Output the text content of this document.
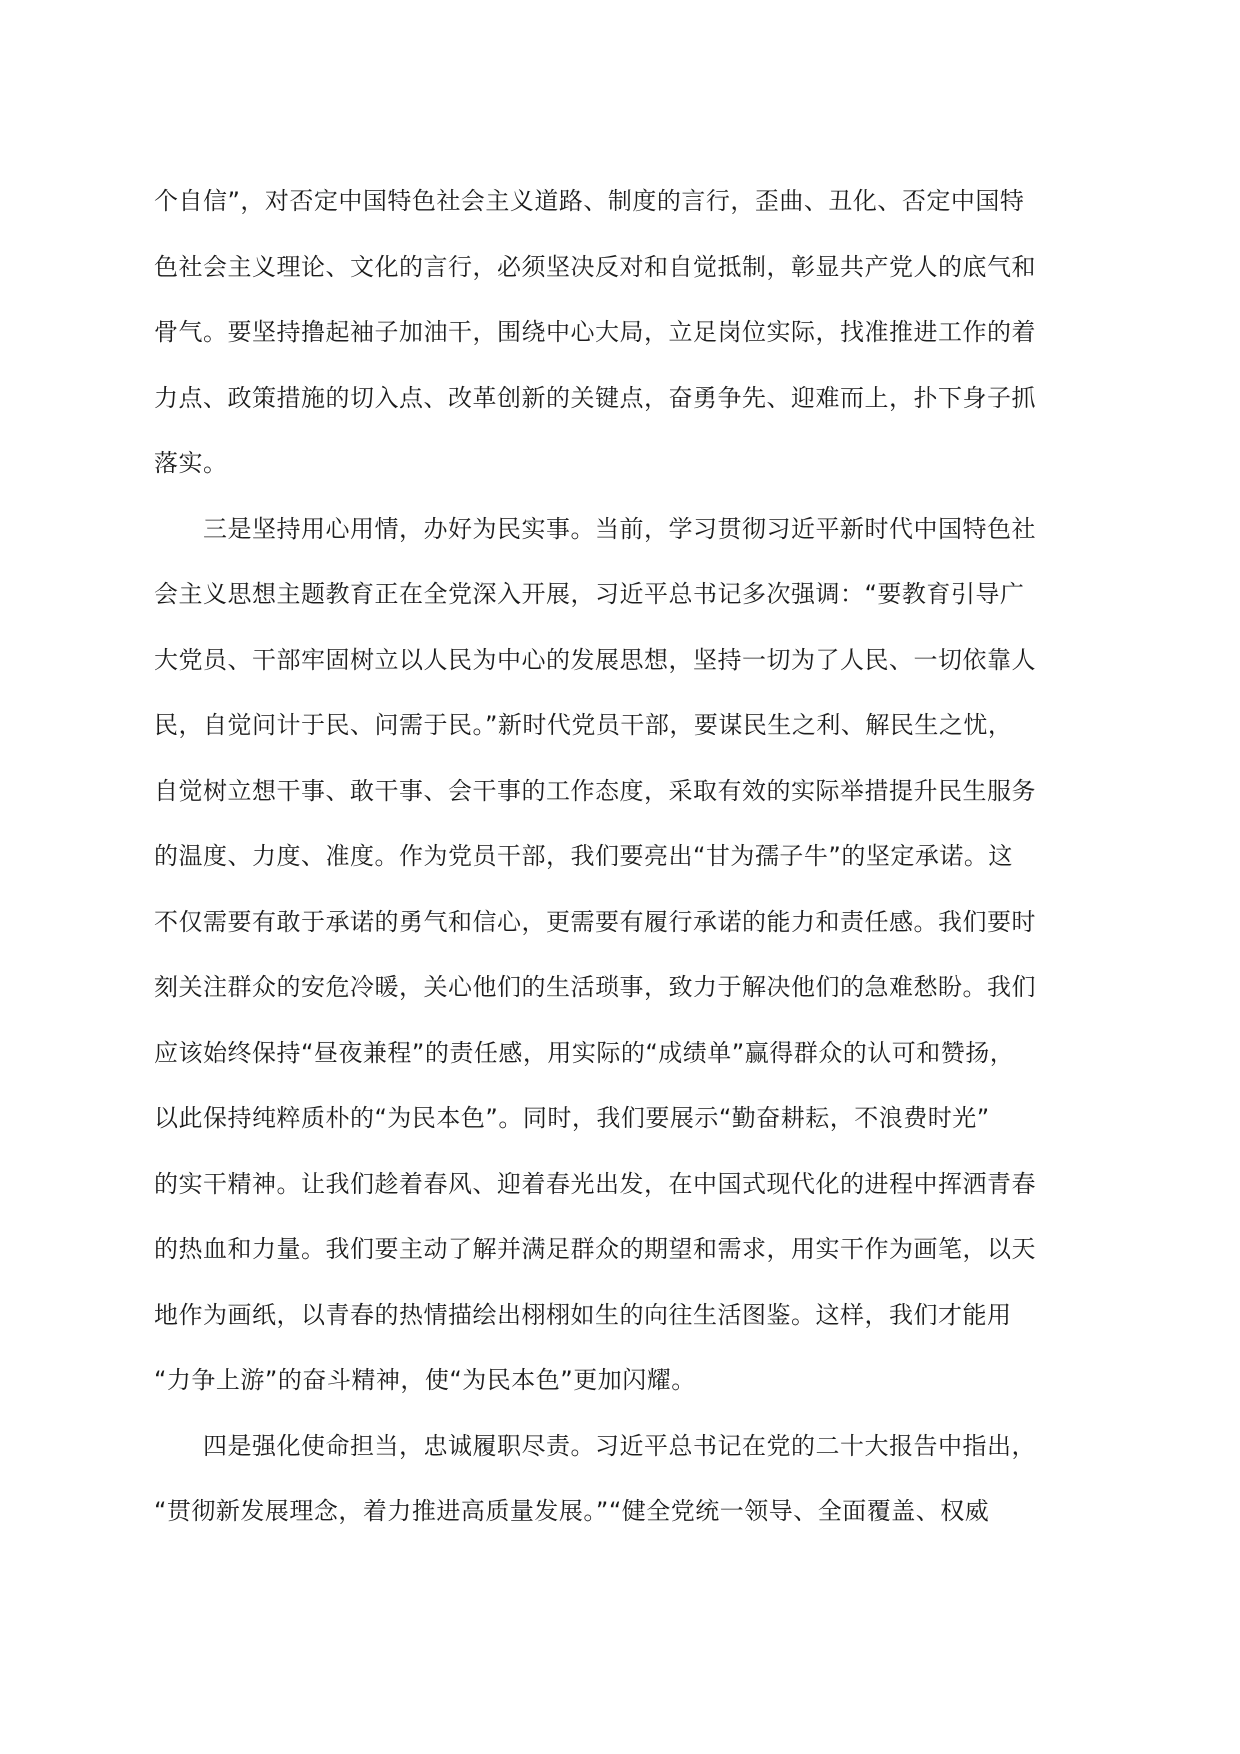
个自信”，对否定中国特色社会主义道路、制度的言行，歪曲、丑化、否定中国特
色社会主义理论、文化的言行，必须坚决反对和自觉抵制，彰显共产党人的底气和
骨气。要坚持撸起袖子加油干，围绕中心大局，立足岗位实际，找准推进工作的着
力点、政策措施的切入点、改革创新的关键点，奋勇争先、迎难而上，扑下身子抓
落实。
　　三是坚持用心用情，办好为民实事。当前，学习贯彻习近平新时代中国特色社
会主义思想主题教育正在全党深入开展，习近平总书记多次强调：“要教育引导广
大党员、干部牢固树立以人民为中心的发展思想，坚持一切为了人民、一切依靠人
民，自觉问计于民、问需于民。”新时代党员干部，要谋民生之利、解民生之忧，
自觉树立想干事、敢干事、会干事的工作态度，采取有效的实际举措提升民生服务
的温度、力度、准度。作为党员干部，我们要亮出“甘为孺子牛”的坚定承诺。这
不仅需要有敢于承诺的勇气和信心，更需要有履行承诺的能力和责任感。我们要时
刻关注群众的安危冷暖，关心他们的生活琐事，致力于解决他们的急难愁盼。我们
应该始终保持“昼夜兼程”的责任感，用实际的“成绩单”赢得群众的认可和赞扬，
以此保持纯粹质朴的“为民本色”。同时，我们要展示“勤奋耕耘，不浪费时光”
的实干精神。让我们趁着春风、迎着春光出发，在中国式现代化的进程中挥洒青春
的热血和力量。我们要主动了解并满足群众的期望和需求，用实干作为画笔，以天
地作为画纸，以青春的热情描绘出栩栩如生的向往生活图鉴。这样，我们才能用
“力争上游”的奋斗精神，使“为民本色”更加闪耀。
　　四是强化使命担当，忠诚履职尽责。习近平总书记在党的二十大报告中指出，
“贯彻新发展理念，着力推进高质量发展。”“健全党统一领导、全面覆盖、权威
